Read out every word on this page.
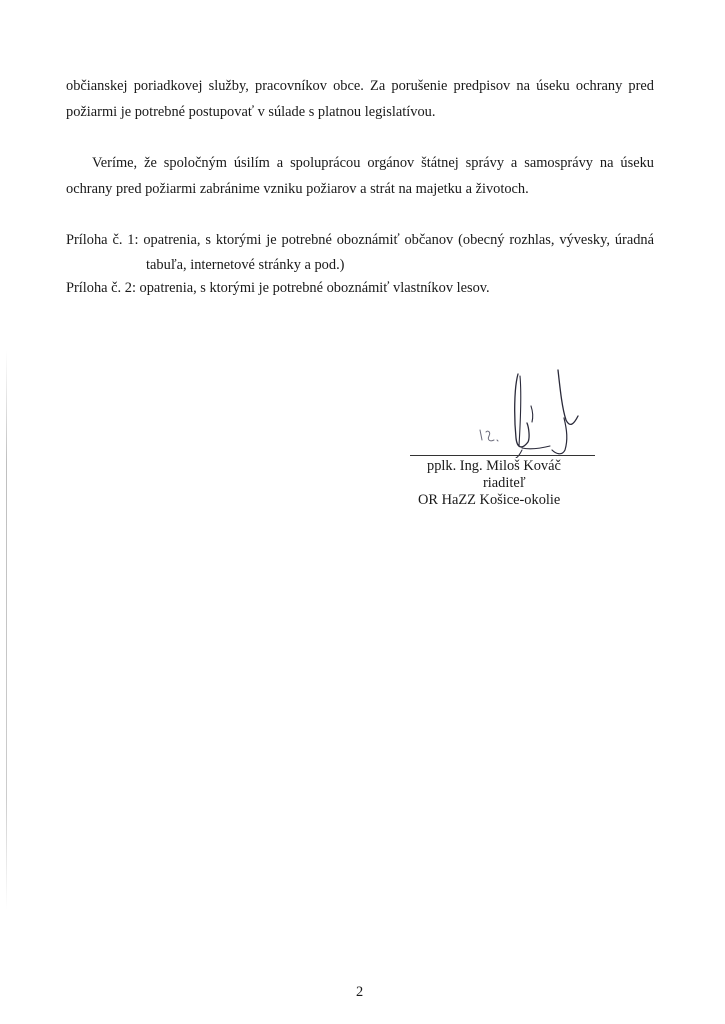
občianskej poriadkovej služby, pracovníkov obce. Za porušenie predpisov na úseku ochrany pred
požiarmi je potrebné postupovať v súlade s platnou legislatívou.
Veríme, že spoločným úsilím a spoluprácou orgánov štátnej správy a samosprávy na úseku
ochrany pred požiarmi zabránime vzniku požiarov a strát na majetku a životoch.
Príloha č. 1: opatrenia, s ktorými je potrebné oboznámiť občanov (obecný rozhlas, vývesky, úradná
tabuľa, internetové stránky a pod.)
Príloha č. 2: opatrenia, s ktorými je potrebné oboznámiť vlastníkov lesov.
pplk. Ing. Miloš Kováč
riaditeľ
OR HaZZ Košice-okolie
2
